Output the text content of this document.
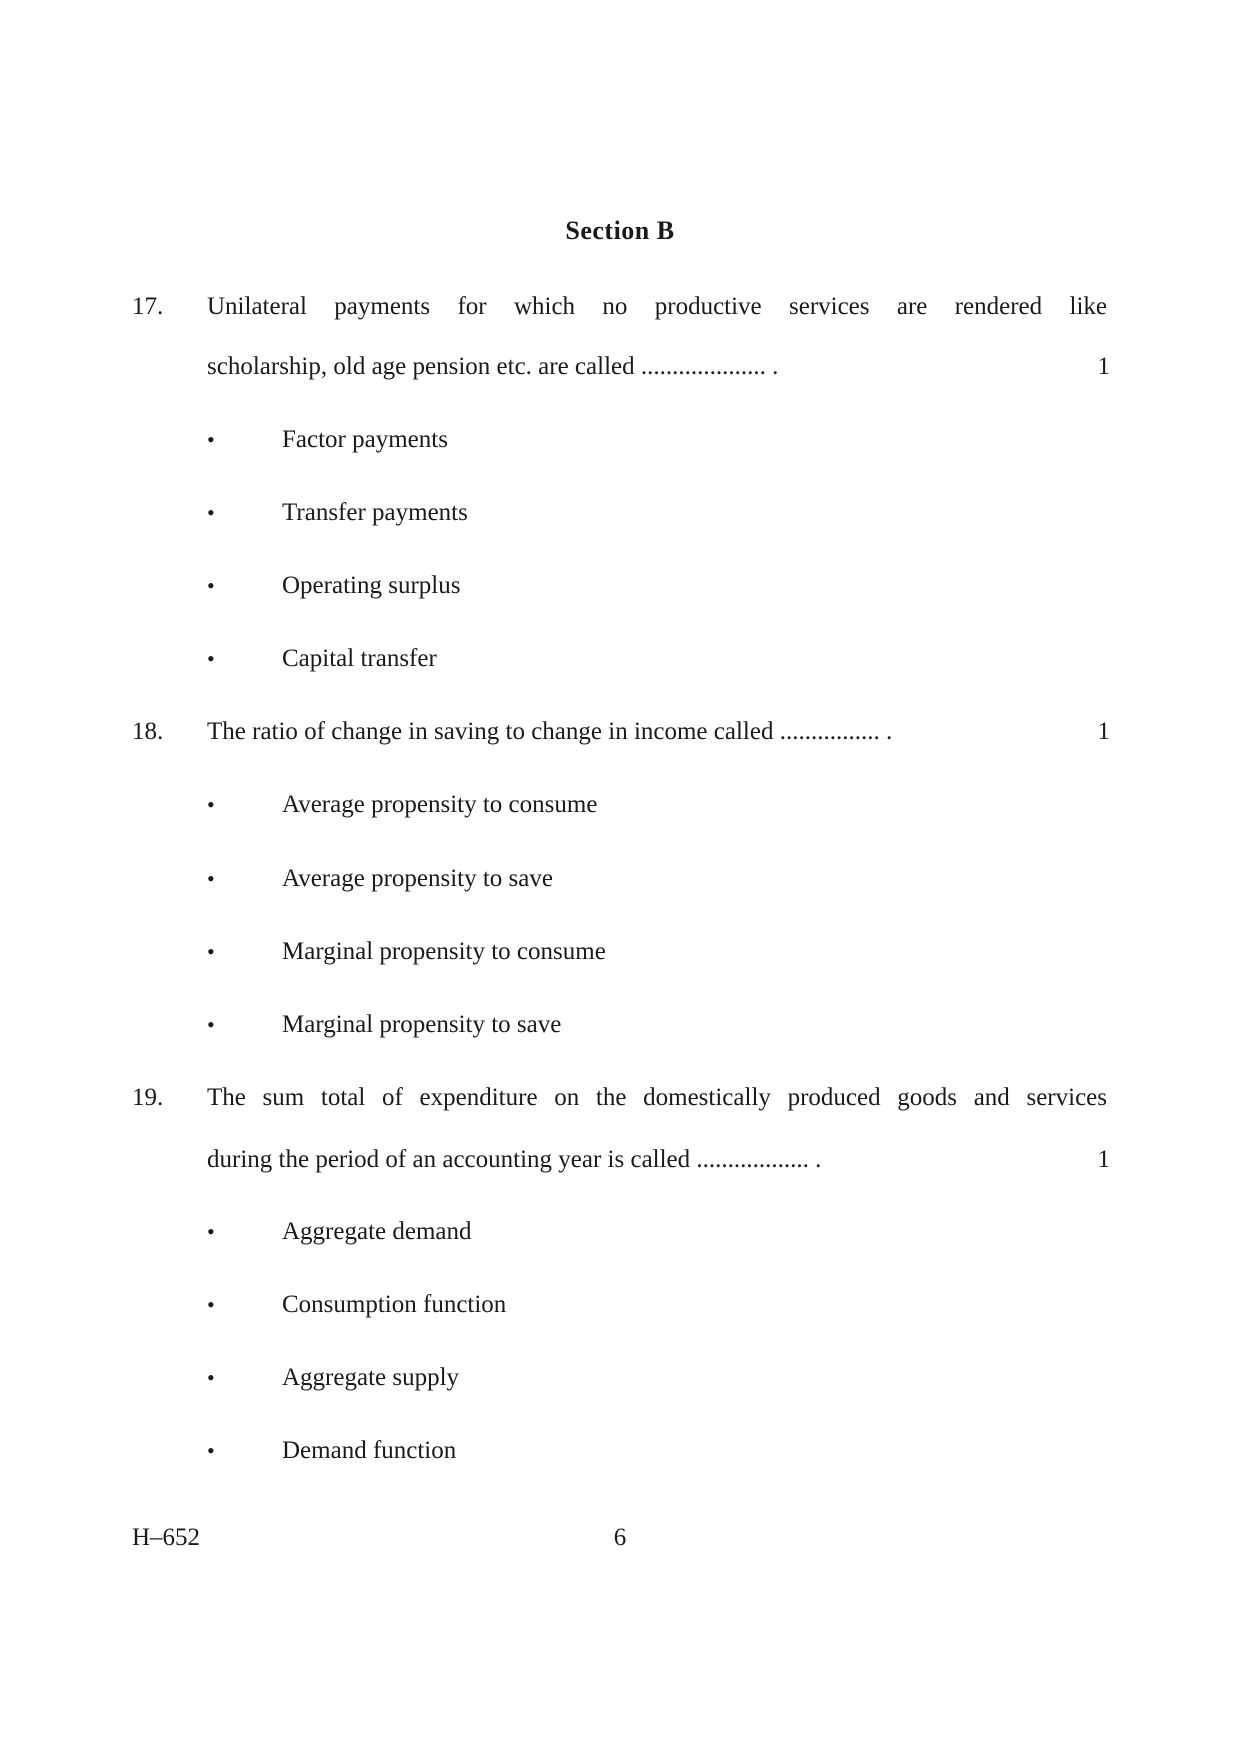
Section B
17. Unilateral payments for which no productive services are rendered like
scholarship, old age pension etc. are called .................... .	1
•	Factor payments
•	Transfer payments
•	Operating surplus
•	Capital transfer
18. The ratio of change in saving to change in income called ................ .	1
•	Average propensity to consume
•	Average propensity to save
•	Marginal propensity to consume
•	Marginal propensity to save
19. The sum total of expenditure on the domestically produced goods and services
during the period of an accounting year is called .................. .	1
•	Aggregate demand
•	Consumption function
•	Aggregate supply
•	Demand function
H–652	6
